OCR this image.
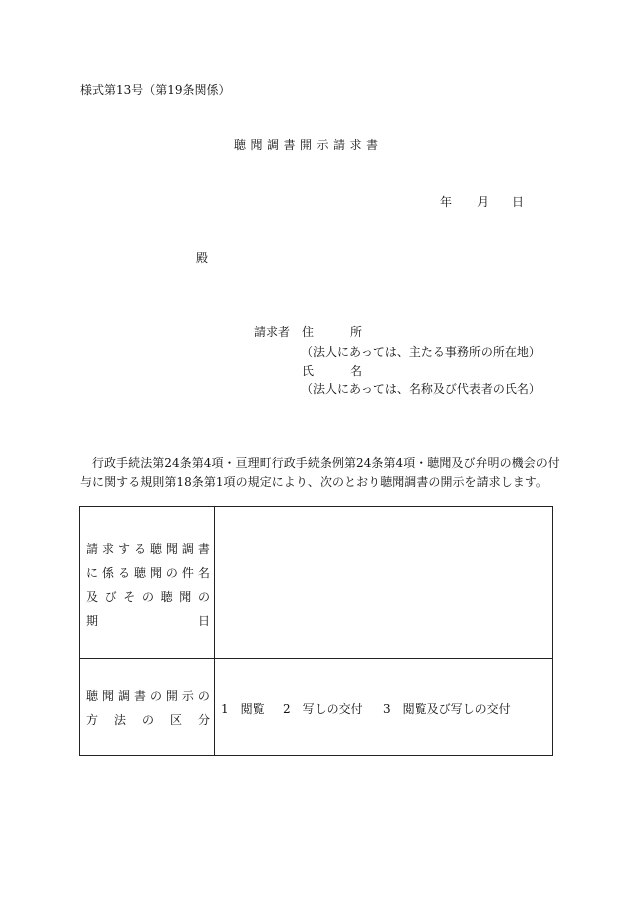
様式第13号（第19条関係）
聴聞調書開示請求書
年 月 日
殿
請求者 住　所
（法人にあっては、主たる事務所の所在地）
氏　名
（法人にあっては、名称及び代表者の氏名）
行政手続法第24条第4項・亘理町行政手続条例第24条第4項・聴聞及び弁明の機会の付与に関する規則第18条第1項の規定により、次のとおり聴聞調書の開示を請求します。
請 求 す る 聴 聞 調 書
に 係 る 聴 聞 の 件 名
及 び そ の 聴 聞 の
期	日
聴 聞 調 書 の 開 示 の
方 法 の 区 分
1　閲覧 2　写しの交付 3　閲覧及び写しの交付
